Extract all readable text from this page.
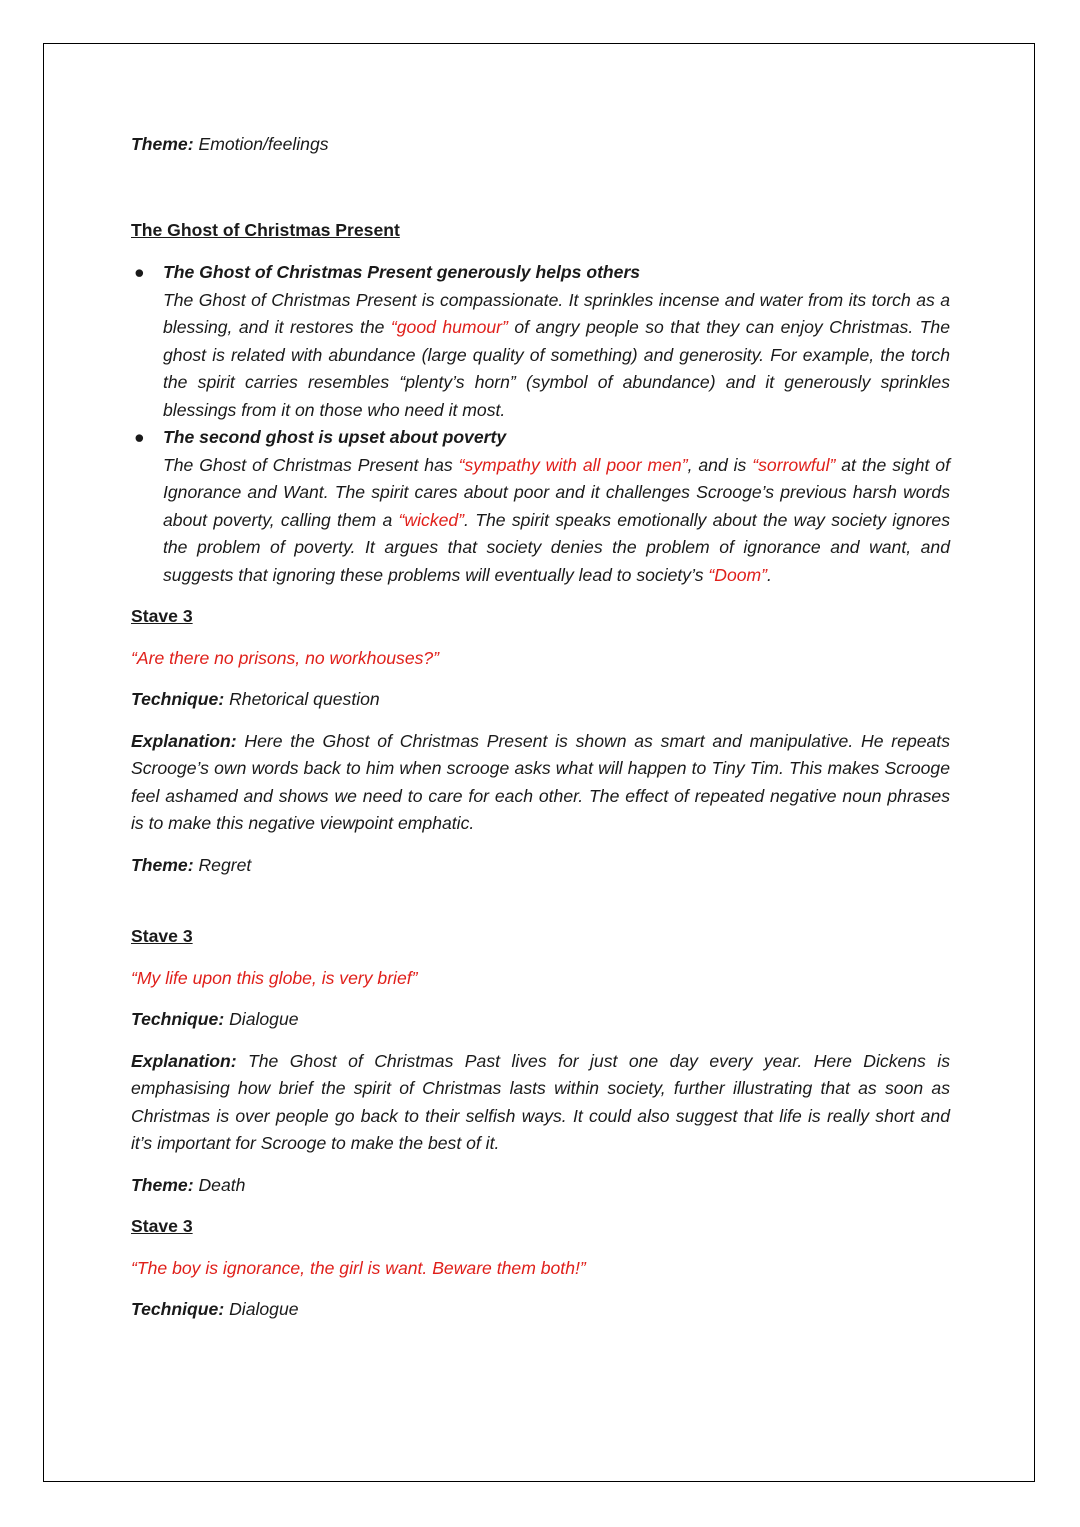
Theme: Emotion/feelings

The Ghost of Christmas Present

● The Ghost of Christmas Present generously helps others
The Ghost of Christmas Present is compassionate. It sprinkles incense and water from its torch as a blessing, and it restores the “good humour” of angry people so that they can enjoy Christmas. The ghost is related with abundance (large quality of something) and generosity. For example, the torch the spirit carries resembles “plenty’s horn” (symbol of abundance) and it generously sprinkles blessings from it on those who need it most.
● The second ghost is upset about poverty
The Ghost of Christmas Present has “sympathy with all poor men”, and is “sorrowful” at the sight of Ignorance and Want. The spirit cares about poor and it challenges Scrooge’s previous harsh words about poverty, calling them a “wicked”. The spirit speaks emotionally about the way society ignores the problem of poverty. It argues that society denies the problem of ignorance and want, and suggests that ignoring these problems will eventually lead to society’s “Doom”.

Stave 3

“Are there no prisons, no workhouses?”

Technique: Rhetorical question

Explanation: Here the Ghost of Christmas Present is shown as smart and manipulative. He repeats Scrooge’s own words back to him when scrooge asks what will happen to Tiny Tim. This makes Scrooge feel ashamed and shows we need to care for each other. The effect of repeated negative noun phrases is to make this negative viewpoint emphatic.

Theme: Regret

Stave 3

“My life upon this globe, is very brief”

Technique: Dialogue

Explanation: The Ghost of Christmas Past lives for just one day every year. Here Dickens is emphasising how brief the spirit of Christmas lasts within society, further illustrating that as soon as Christmas is over people go back to their selfish ways. It could also suggest that life is really short and it’s important for Scrooge to make the best of it.

Theme: Death

Stave 3

“The boy is ignorance, the girl is want. Beware them both!”

Technique: Dialogue
